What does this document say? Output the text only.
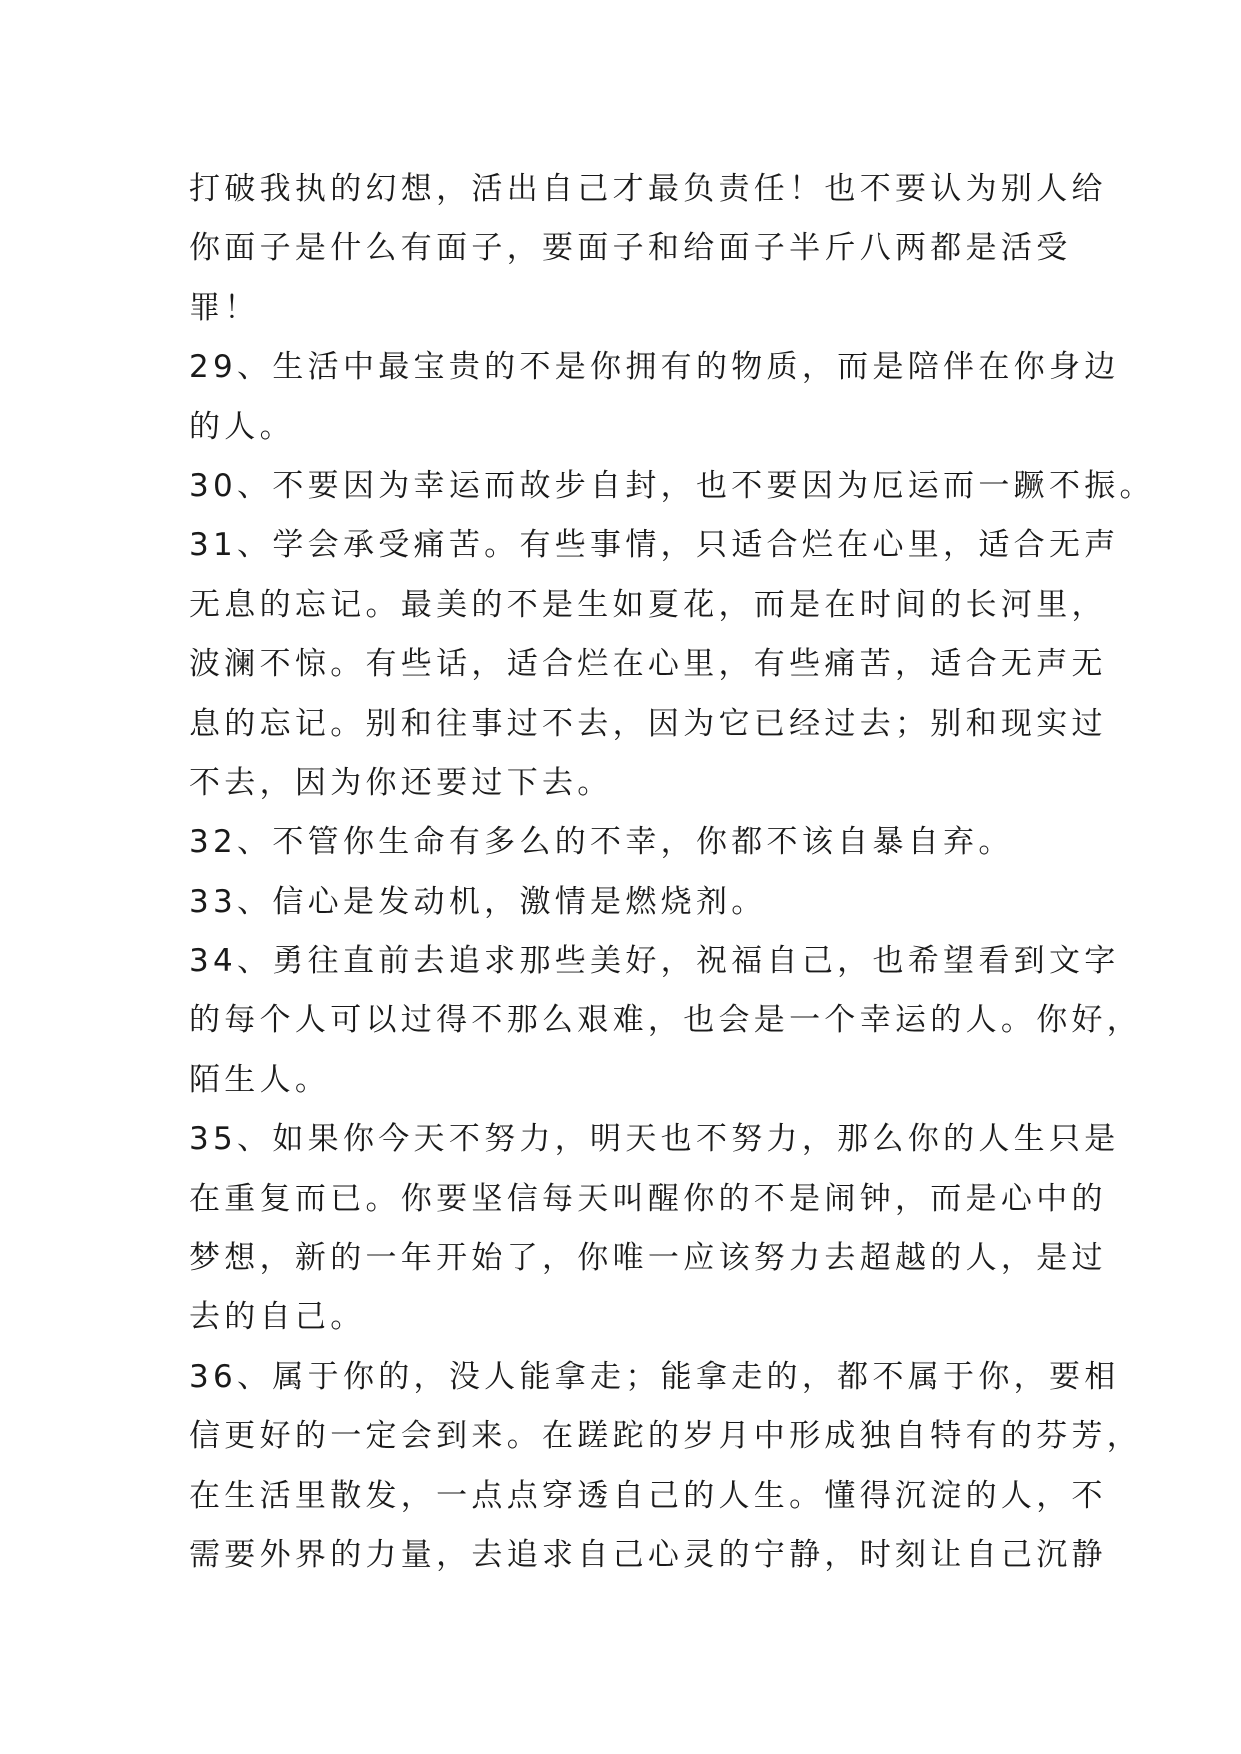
打破我执的幻想，活出自己才最负责任！也不要认为别人给
你面子是什么有面子，要面子和给面子半斤八两都是活受
罪！
29、生活中最宝贵的不是你拥有的物质，而是陪伴在你身边
的人。
30、不要因为幸运而故步自封，也不要因为厄运而一蹶不振。
31、学会承受痛苦。有些事情，只适合烂在心里，适合无声
无息的忘记。最美的不是生如夏花，而是在时间的长河里，
波澜不惊。有些话，适合烂在心里，有些痛苦，适合无声无
息的忘记。别和往事过不去，因为它已经过去；别和现实过
不去，因为你还要过下去。
32、不管你生命有多么的不幸，你都不该自暴自弃。
33、信心是发动机，激情是燃烧剂。
34、勇往直前去追求那些美好，祝福自己，也希望看到文字
的每个人可以过得不那么艰难，也会是一个幸运的人。你好，
陌生人。
35、如果你今天不努力，明天也不努力，那么你的人生只是
在重复而已。你要坚信每天叫醒你的不是闹钟，而是心中的
梦想，新的一年开始了，你唯一应该努力去超越的人，是过
去的自己。
36、属于你的，没人能拿走；能拿走的，都不属于你，要相
信更好的一定会到来。在蹉跎的岁月中形成独自特有的芬芳，
在生活里散发，一点点穿透自己的人生。懂得沉淀的人，不
需要外界的力量，去追求自己心灵的宁静，时刻让自己沉静
